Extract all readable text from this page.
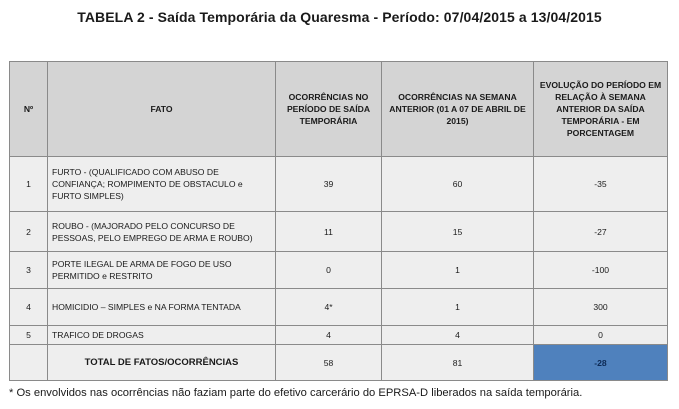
TABELA 2 - Saída Temporária da Quaresma - Período: 07/04/2015 a 13/04/2015
Nº	FATO	OCORRÊNCIAS NO PERÍODO DE SAÍDA TEMPORÁRIA	OCORRÊNCIAS NA SEMANA ANTERIOR (01 A 07 DE ABRIL DE 2015)	EVOLUÇÃO DO PERÍODO EM RELAÇÃO À SEMANA ANTERIOR DA SAÍDA TEMPORÁRIA - EM PORCENTAGEM
1	FURTO - (QUALIFICADO COM ABUSO DE CONFIANÇA; ROMPIMENTO DE OBSTACULO e FURTO SIMPLES)	39	60	-35
2	ROUBO - (MAJORADO PELO CONCURSO DE PESSOAS, PELO EMPREGO DE ARMA E ROUBO)	11	15	-27
3	PORTE ILEGAL DE ARMA DE FOGO DE USO PERMITIDO e RESTRITO	0	1	-100
4	HOMICIDIO – SIMPLES e NA FORMA TENTADA	4*	1	300
5	TRAFICO DE DROGAS	4	4	0
	TOTAL DE FATOS/OCORRÊNCIAS	58	81	-28
* Os envolvidos nas ocorrências não faziam parte do efetivo carcerário do EPRSA-D liberados na saída temporária.
